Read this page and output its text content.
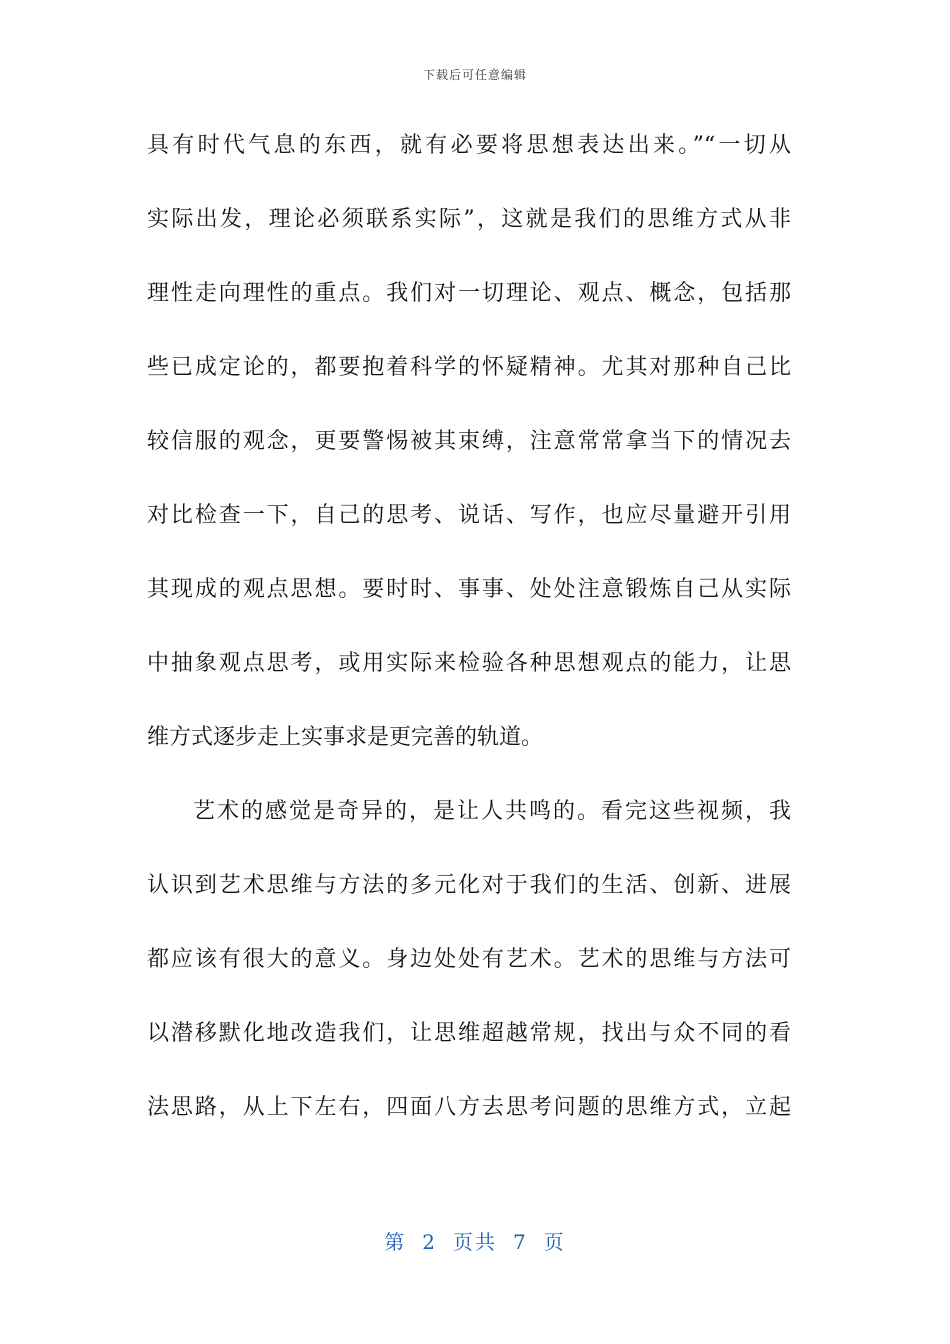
下载后可任意编辑
具有时代气息的东西，就有必要将思想表达出来。”“一切从
实际出发，理论必须联系实际”，这就是我们的思维方式从非
理性走向理性的重点。我们对一切理论、观点、概念，包括那
些已成定论的，都要抱着科学的怀疑精神。尤其对那种自己比
较信服的观念，更要警惕被其束缚，注意常常拿当下的情况去
对比检查一下，自己的思考、说话、写作，也应尽量避开引用
其现成的观点思想。要时时、事事、处处注意锻炼自己从实际
中抽象观点思考，或用实际来检验各种思想观点的能力，让思
维方式逐步走上实事求是更完善的轨道。
艺术的感觉是奇异的，是让人共鸣的。看完这些视频，我
认识到艺术思维与方法的多元化对于我们的生活、创新、进展
都应该有很大的意义。身边处处有艺术。艺术的思维与方法可
以潜移默化地改造我们，让思维超越常规，找出与众不同的看
法思路，从上下左右，四面八方去思考问题的思维方式，立起
第 2 页共 7 页
